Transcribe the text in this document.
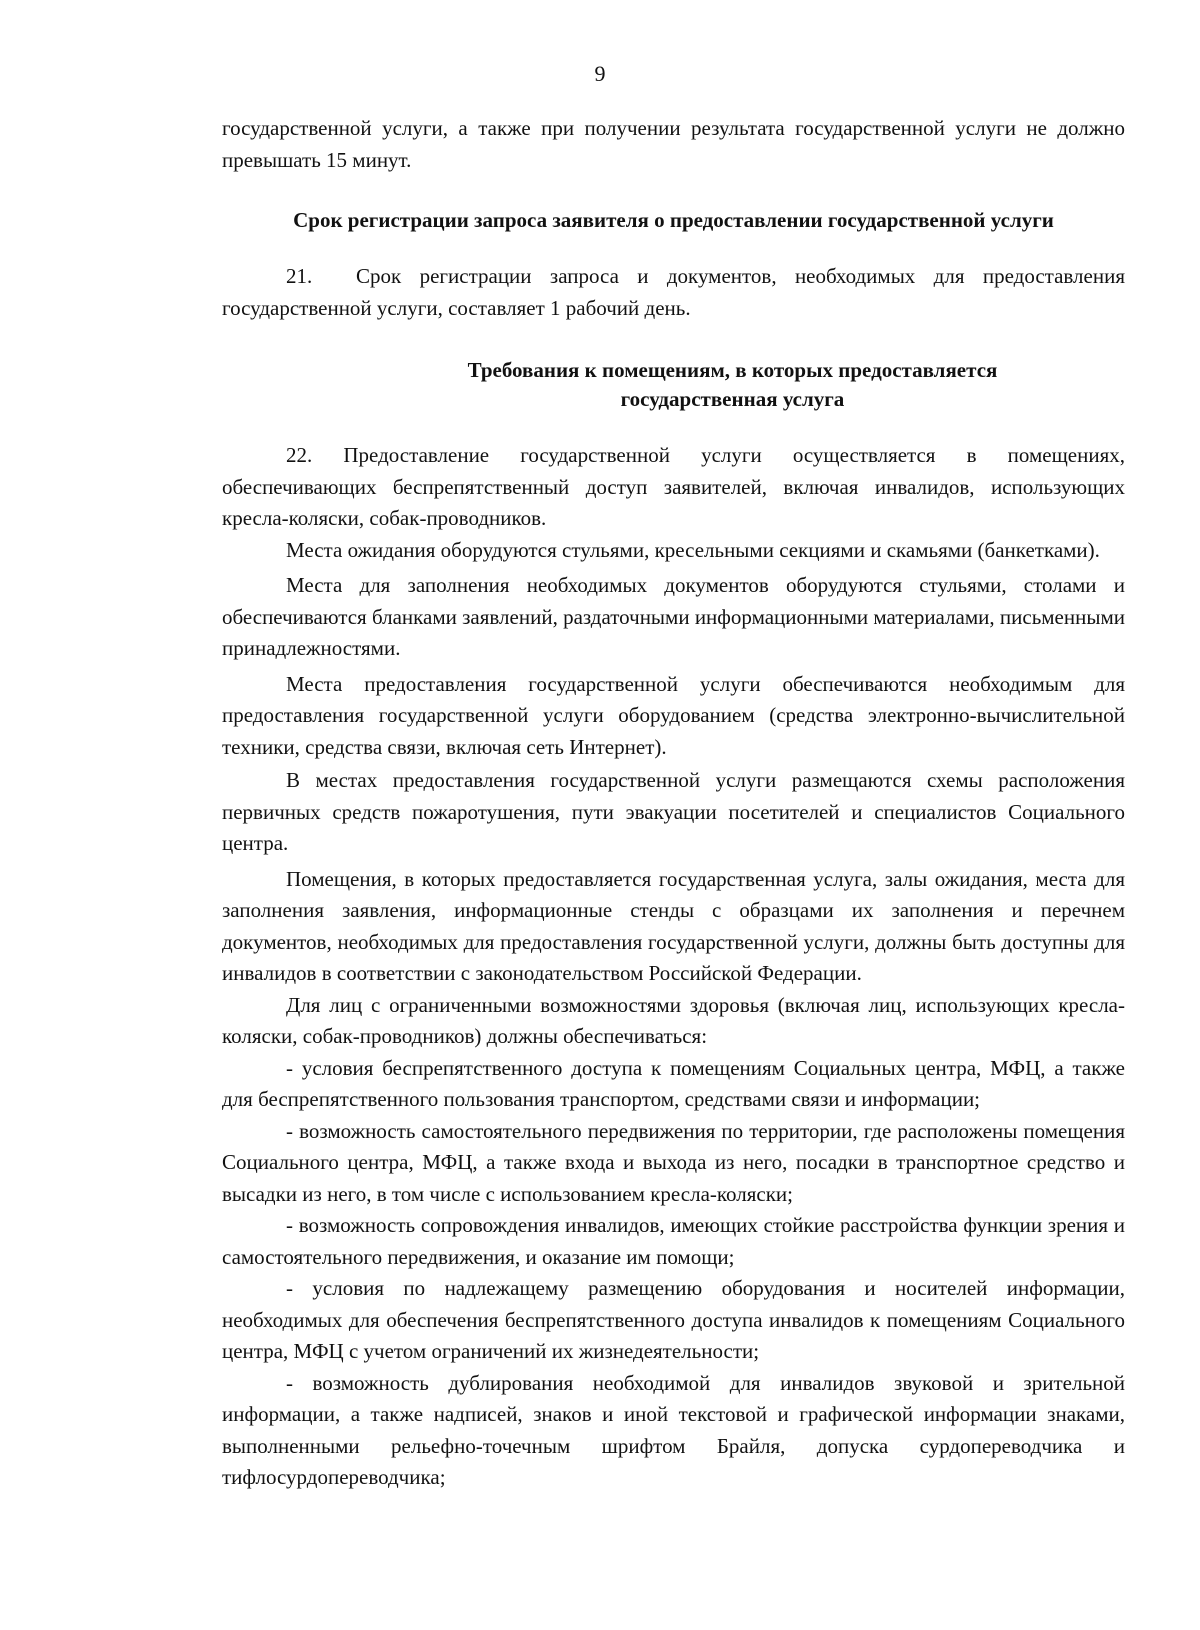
9

государственной услуги, а также при получении результата государственной услуги не должно превышать 15 минут.

Срок регистрации запроса заявителя о предоставлении государственной услуги

21. Срок регистрации запроса и документов, необходимых для предоставления государственной услуги, составляет 1 рабочий день.

Требования к помещениям, в которых предоставляется
государственная услуга

22. Предоставление государственной услуги осуществляется в помещениях, обеспечивающих беспрепятственный доступ заявителей, включая инвалидов, использующих кресла-коляски, собак-проводников.

Места ожидания оборудуются стульями, кресельными секциями и скамьями (банкетками).

Места для заполнения необходимых документов оборудуются стульями, столами и обеспечиваются бланками заявлений, раздаточными информационными материалами, письменными принадлежностями.

Места предоставления государственной услуги обеспечиваются необходимым для предоставления государственной услуги оборудованием (средства электронно-вычислительной техники, средства связи, включая сеть Интернет).

В местах предоставления государственной услуги размещаются схемы расположения первичных средств пожаротушения, пути эвакуации посетителей и специалистов Социального центра.

Помещения, в которых предоставляется государственная услуга, залы ожидания, места для заполнения заявления, информационные стенды с образцами их заполнения и перечнем документов, необходимых для предоставления государственной услуги, должны быть доступны для инвалидов в соответствии с законодательством Российской Федерации.

Для лиц с ограниченными возможностями здоровья (включая лиц, использующих кресла-коляски, собак-проводников) должны обеспечиваться:

- условия беспрепятственного доступа к помещениям Социальных центра, МФЦ, а также для беспрепятственного пользования транспортом, средствами связи и информации;

- возможность самостоятельного передвижения по территории, где расположены помещения Социального центра, МФЦ, а также входа и выхода из него, посадки в транспортное средство и высадки из него, в том числе с использованием кресла-коляски;

- возможность сопровождения инвалидов, имеющих стойкие расстройства функции зрения и самостоятельного передвижения, и оказание им помощи;

- условия по надлежащему размещению оборудования и носителей информации, необходимых для обеспечения беспрепятственного доступа инвалидов к помещениям Социального центра, МФЦ с учетом ограничений их жизнедеятельности;

- возможность дублирования необходимой для инвалидов звуковой и зрительной информации, а также надписей, знаков и иной текстовой и графической информации знаками, выполненными рельефно-точечным шрифтом Брайля, допуска сурдопереводчика и тифлосурдопереводчика;
